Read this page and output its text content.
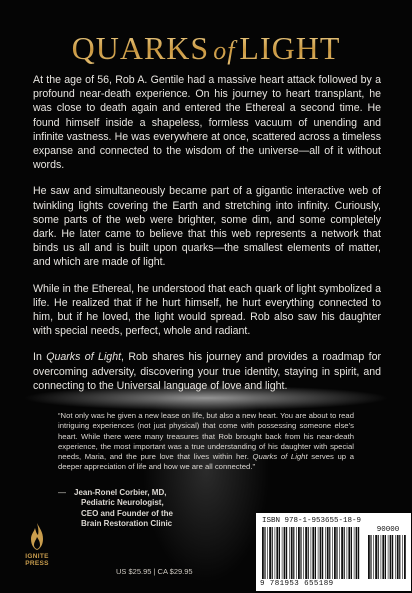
QUARKS of LIGHT

At the age of 56, Rob A. Gentile had a massive heart attack followed by a profound near-death experience. On his journey to heart transplant, he was close to death again and entered the Ethereal a second time. He found himself inside a shapeless, formless vacuum of unending and infinite vastness. He was everywhere at once, scattered across a timeless expanse and connected to the wisdom of the universe—all of it without words.

He saw and simultaneously became part of a gigantic interactive web of twinkling lights covering the Earth and stretching into infinity. Curiously, some parts of the web were brighter, some dim, and some completely dark. He later came to believe that this web represents a network that binds us all and is built upon quarks—the smallest elements of matter, and which are made of light.

While in the Ethereal, he understood that each quark of light symbolized a life. He realized that if he hurt himself, he hurt everything connected to him, but if he loved, the light would spread. Rob also saw his daughter with special needs, perfect, whole and radiant.

In Quarks of Light, Rob shares his journey and provides a roadmap for overcoming adversity, discovering your true identity, staying in spirit, and connecting to the Universal language of love and light.

“Not only was he given a new lease on life, but also a new heart. You are about to read intriguing experiences (not just physical) that come with possessing someone else’s heart. While there were many treasures that Rob brought back from his near-death experience, the most important was a true understanding of his daughter with special needs, Maria, and the pure love that lives within her. Quarks of Light serves up a deeper appreciation of life and how we are all connected.”
— Jean-Ronel Corbier, MD,
Pediatric Neurologist,
CEO and Founder of the
Brain Restoration Clinic
IGNITE
PRESS
US $25.95 | CA $29.95
ISBN 978-1-953655-18-9
90000
9 781953 655189
